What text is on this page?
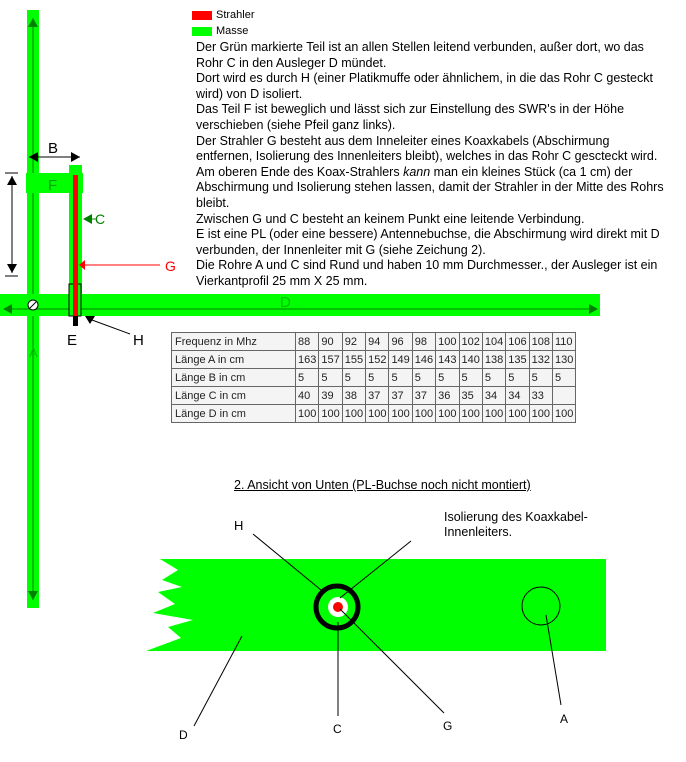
B
F
C
G
D
A
E	H
H
D	C	G	A
Strahler
Masse

Der Grün markierte Teil ist an allen Stellen leitend verbunden, außer dort, wo das Rohr C in den Ausleger D mündet.

Dort wird es durch H (einer Platikmuffe oder ähnlichem, in die das Rohr C gesteckt wird) von D isoliert.

Das Teil F ist beweglich und lässt sich zur Einstellung des SWR's in der Höhe verschieben (siehe Pfeil ganz links).

Der Strahler G besteht aus dem Inneleiter eines Koaxkabels (Abschirmung entfernen, Isolierung des Innenleiters bleibt), welches in das Rohr C gescteckt wird. Am oberen Ende des Koax-Strahlers kann man ein kleines Stück (ca 1 cm) der Abschirmung und Isolierung stehen lassen, damit der Strahler in der Mitte des Rohrs bleibt.

Zwischen G und C besteht an keinem Punkt eine leitende Verbindung.

E ist eine PL (oder eine bessere) Antennebuchse, die Abschirmung wird direkt mit D verbunden, der Innenleiter mit G (siehe Zeichung 2).

Die Rohre A und C sind Rund und haben 10 mm Durchmesser., der Ausleger ist ein Vierkantprofil 25 mm X 25 mm.

Frequenz in Mhz	88	90	92	94	96	98	100	102	104	106	108	110
Länge A in cm	163	157	155	152	149	146	143	140	138	135	132	130
Länge B in cm	5	5	5	5	5	5	5	5	5	5	5	5
Länge C in cm	40	39	38	37	37	37	36	35	34	34	33	
Länge D in cm	100	100	100	100	100	100	100	100	100	100	100	100
2. Ansicht von Unten (PL-Buchse noch nicht montiert)
Isolierung des Koaxkabel-
Innenleiters.
